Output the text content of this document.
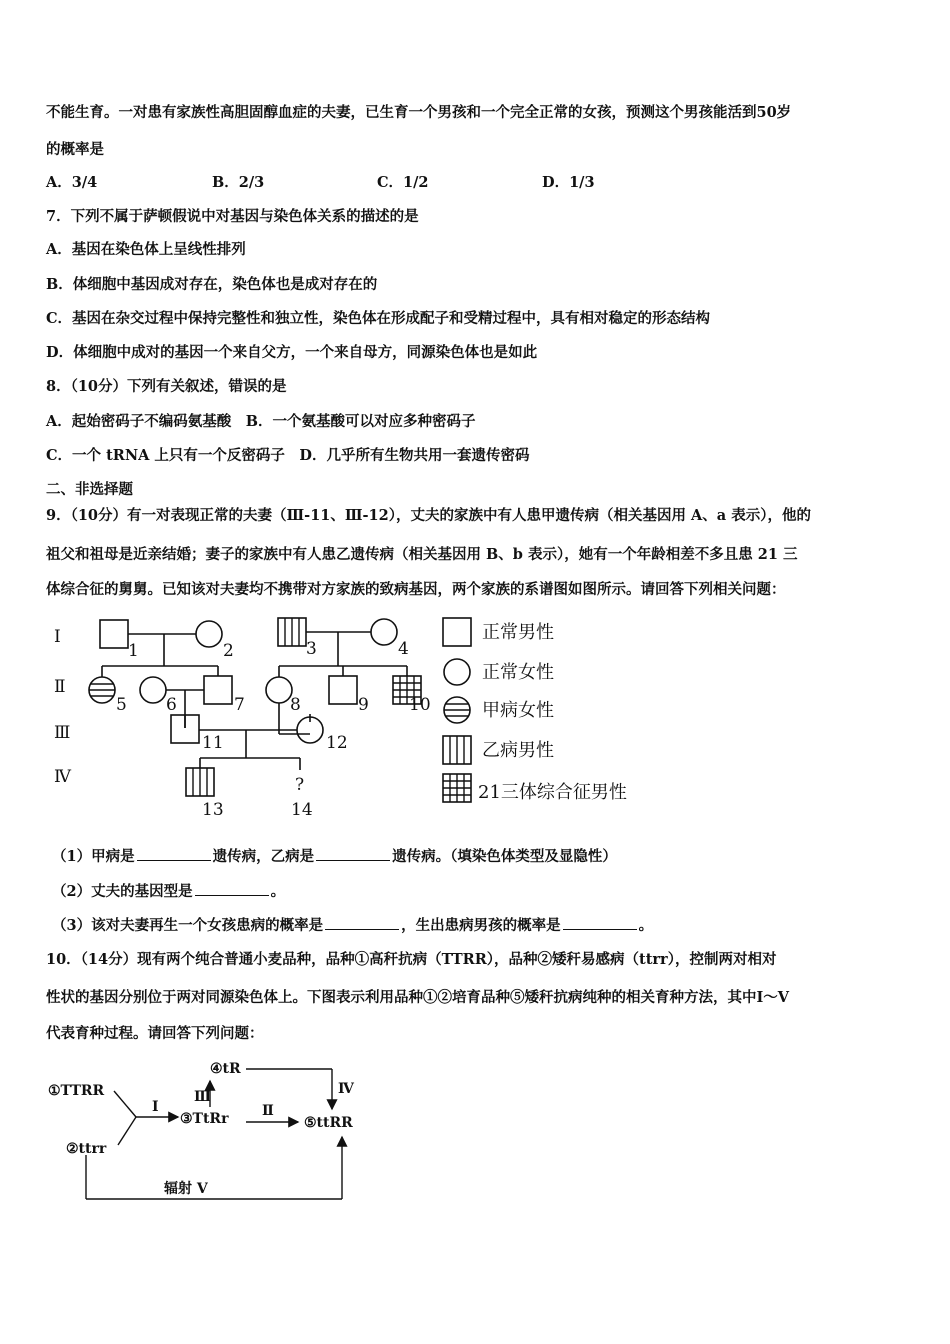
不能生育。一对患有家族性高胆固醇血症的夫妻，已生育一个男孩和一个完全正常的女孩，预测这个男孩能活到50岁
的概率是
A．3/4	B．2/3	C．1/2	D．1/3
7．下列不属于萨顿假说中对基因与染色体关系的描述的是
A．基因在染色体上呈线性排列
B．体细胞中基因成对存在，染色体也是成对存在的
C．基因在杂交过程中保持完整性和独立性，染色体在形成配子和受精过程中，具有相对稳定的形态结构
D．体细胞中成对的基因一个来自父方，一个来自母方，同源染色体也是如此
8．（10分）下列有关叙述，错误的是
A．起始密码子不编码氨基酸　B．一个氨基酸可以对应多种密码子
C．一个 tRNA 上只有一个反密码子　D．几乎所有生物共用一套遗传密码
二、非选择题
9．（10分）有一对表现正常的夫妻（Ⅲ-11、Ⅲ-12），丈夫的家族中有人患甲遗传病（相关基因用 A、a 表示），他的
祖父和祖母是近亲结婚；妻子的家族中有人患乙遗传病（相关基因用 B、b 表示），她有一个年龄相差不多且患 21 三
体综合征的舅舅。已知该对夫妻均不携带对方家族的致病基因，两个家族的系谱图如图所示。请回答下列相关问题：
Ⅰ
Ⅱ
Ⅲ
Ⅳ
1	2	3	4
5 6	7	8	9 10
11	12
13	14
?
正常男性
正常女性
甲病女性
乙病男性
21三体综合征男性
（1）甲病是	遗传病，乙病是	遗传病。（填染色体类型及显隐性）
（2）丈夫的基因型是	。
（3）该对夫妻再生一个女孩患病的概率是	，生出患病男孩的概率是	。
10．（14分）现有两个纯合普通小麦品种，品种①高秆抗病（TTRR），品种②矮秆易感病（ttrr），控制两对相对
性状的基因分别位于两对同源染色体上。下图表示利用品种①②培育品种⑤矮秆抗病纯种的相关育种方法，其中Ⅰ～Ⅴ
代表育种过程。请回答下列问题：
①TTRR
②ttrr
③TtRr
④tR
⑤ttRR
Ⅰ	Ⅱ
Ⅲ	Ⅳ
辐射 Ⅴ
